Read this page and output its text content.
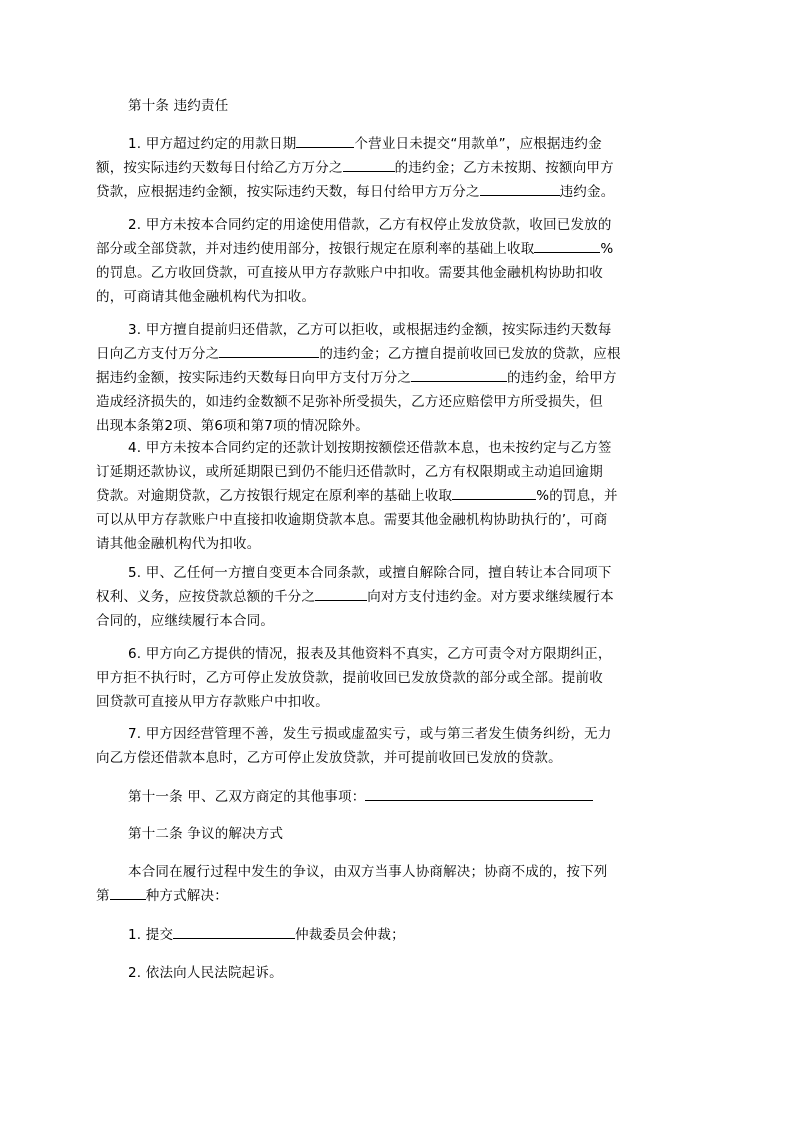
第十条 违约责任

1. 甲方超过约定的用款日期	个营业日未提交“用款单”，应根据违约金
额，按实际违约天数每日付给乙方万分之	的违约金；乙方未按期、按额向甲方
贷款，应根据违约金额，按实际违约天数，每日付给甲方万分之	违约金。
2. 甲方未按本合同约定的用途使用借款，乙方有权停止发放贷款，收回已发放的
部分或全部贷款，并对违约使用部分，按银行规定在原利率的基础上收取	%
的罚息。乙方收回贷款，可直接从甲方存款账户中扣收。需要其他金融机构协助扣收
的，可商请其他金融机构代为扣收。
3. 甲方擅自提前归还借款，乙方可以拒收，或根据违约金额，按实际违约天数每
日向乙方支付万分之	的违约金；乙方擅自提前收回已发放的贷款，应根
据违约金额，按实际违约天数每日向甲方支付万分之	的违约金，给甲方
造成经济损失的，如违约金数额不足弥补所受损失，乙方还应赔偿甲方所受损失，但
出现本条第2项、第6项和第7项的情况除外。
4. 甲方未按本合同约定的还款计划按期按额偿还借款本息，也未按约定与乙方签
订延期还款协议，或所延期限已到仍不能归还借款时，乙方有权限期或主动追回逾期
贷款。对逾期贷款，乙方按银行规定在原利率的基础上收取	%的罚息，并
可以从甲方存款账户中直接扣收逾期贷款本息。需要其他金融机构协助执行的’，可商
请其他金融机构代为扣收。
5. 甲、乙任何一方擅自变更本合同条款，或擅自解除合同，擅自转让本合同项下
权利、义务，应按贷款总额的千分之	向对方支付违约金。对方要求继续履行本
合同的，应继续履行本合同。
6. 甲方向乙方提供的情况，报表及其他资料不真实，乙方可责令对方限期纠正，
甲方拒不执行时，乙方可停止发放贷款，提前收回已发放贷款的部分或全部。提前收
回贷款可直接从甲方存款账户中扣收。
7. 甲方因经营管理不善，发生亏损或虚盈实亏，或与第三者发生债务纠纷，无力
向乙方偿还借款本息时，乙方可停止发放贷款，并可提前收回已发放的贷款。
第十一条 甲、乙双方商定的其他事项：

第十二条 争议的解决方式

本合同在履行过程中发生的争议，由双方当事人协商解决；协商不成的，按下列
第	种方式解决：
1. 提交	仲裁委员会仲裁；

2. 依法向人民法院起诉。
